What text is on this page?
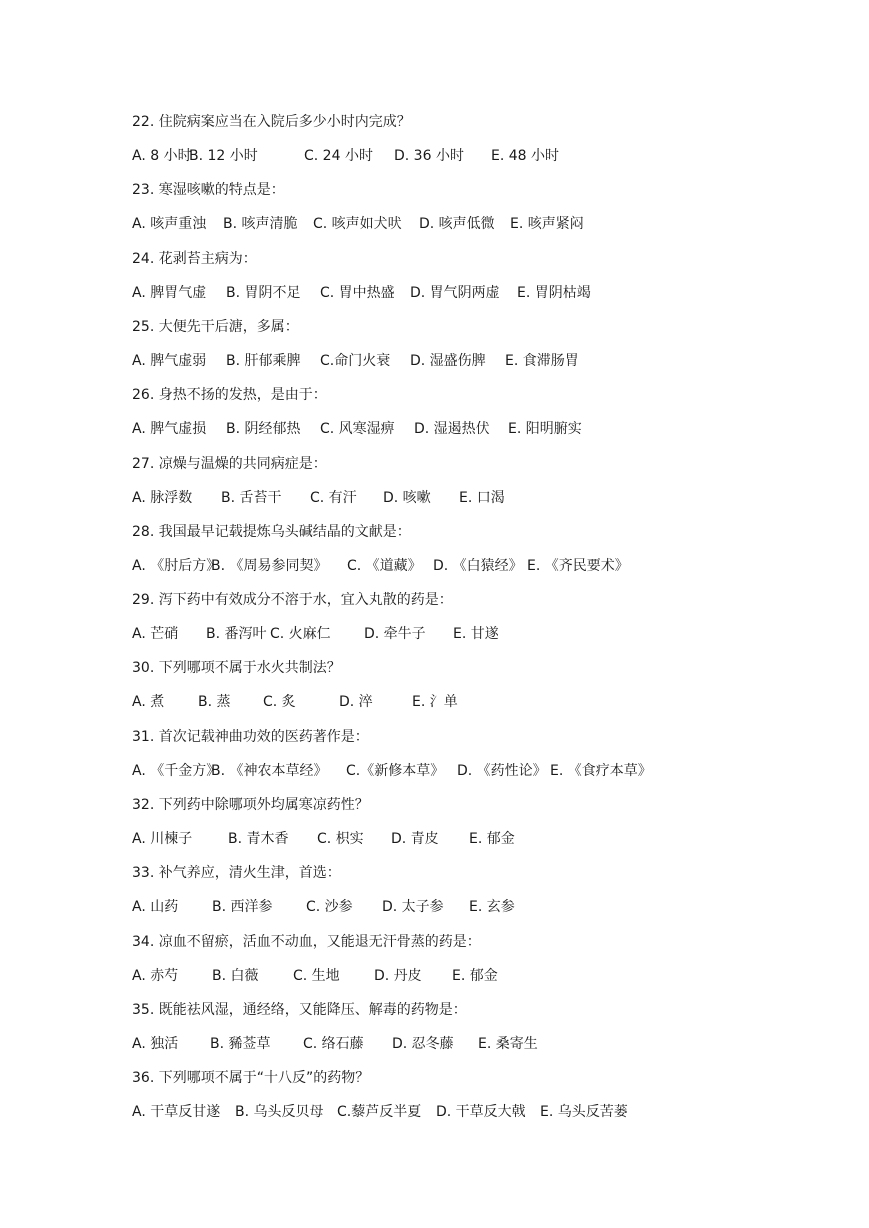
22. 住院病案应当在入院后多少小时内完成？
A. 8 小时
B. 12 小时	C. 24 小时 D. 36 小时 E. 48 小时
23. 寒湿咳嗽的特点是：
A. 咳声重浊 B. 咳声清脆 C. 咳声如犬吠 D. 咳声低微 E. 咳声紧闷
24. 花剥苔主病为：
A. 脾胃气虚 B. 胃阴不足 C. 胃中热盛 D. 胃气阴两虚 E. 胃阴枯竭
25. 大便先干后溏，多属：
A. 脾气虚弱 B. 肝郁乘脾 C.命门火衰 D. 湿盛伤脾 E. 食滞肠胃
26. 身热不扬的发热，是由于：
A. 脾气虚损 B. 阴经郁热 C. 风寒湿痹 D. 湿遏热伏 E. 阳明腑实
27. 凉燥与温燥的共同病症是：
A. 脉浮数 B. 舌苔干 C. 有汗 D. 咳嗽 E. 口渴
28. 我国最早记载提炼乌头碱结晶的文献是：
A. 《肘后方》
B. 《周易参同契》 C. 《道藏》 D. 《白猿经》 E. 《齐民要术》
29. 泻下药中有效成分不溶于水，宜入丸散的药是：
A. 芒硝 B. 番泻叶 C. 火麻仁 D. 牵牛子 E. 甘遂
30. 下列哪项不属于水火共制法？
A. 煮 B. 蒸 C. 炙	D. 淬	E. 氵单
31. 首次记载神曲功效的医药著作是：
A. 《千金方》
B. 《神农本草经》 C.《新修本草》 D. 《药性论》 E. 《食疗本草》
32. 下列药中除哪项外均属寒凉药性？
A. 川楝子	B. 青木香 C. 枳实 D. 青皮 E. 郁金
33. 补气养应，清火生津，首选：
A. 山药 B. 西洋参 C. 沙参 D. 太子参 E. 玄参
34. 凉血不留瘀，活血不动血，又能退无汗骨蒸的药是：
A. 赤芍 B. 白薇 C. 生地 D. 丹皮 E. 郁金
35. 既能祛风湿，通经络，又能降压、解毒的药物是：
A. 独活 B. 豨莶草 C. 络石藤 D. 忍冬藤 E. 桑寄生
36. 下列哪项不属于“十八反”的药物？
A. 干草反甘遂 B. 乌头反贝母 C.藜芦反半夏 D. 干草反大戟 E. 乌头反苦蒌
